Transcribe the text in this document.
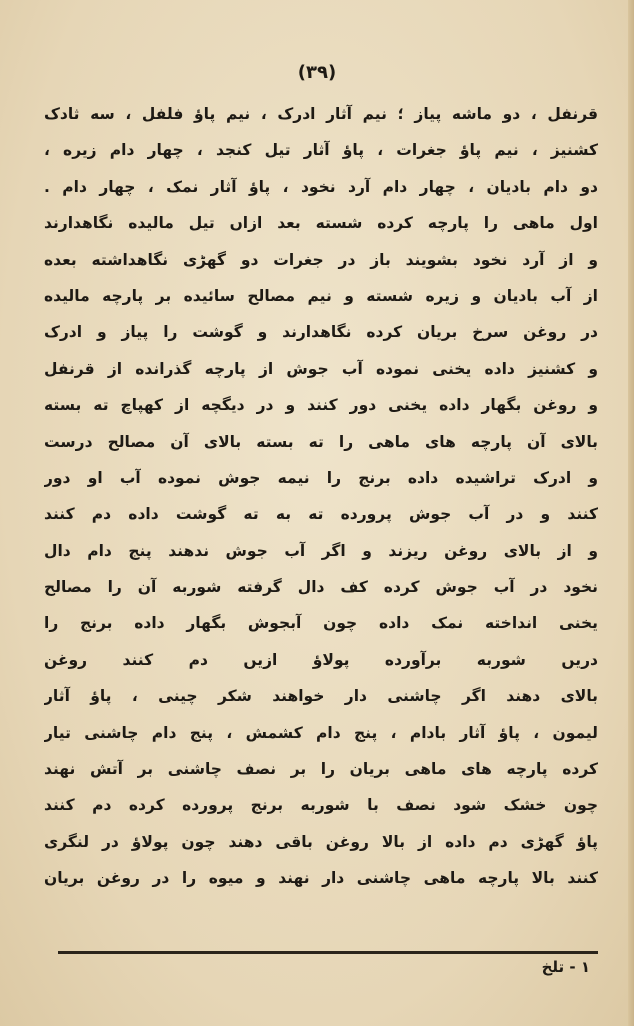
(۳۹)
قرنفل ، دو ماشه پیاز ؛ نیم آثار ادرک ، نیم پاؤ فلفل ، سه ثادک
کشنیز ، نیم پاؤ جغرات ، پاؤ آثار تیل کنجد ، چهار دام زیره ،
دو دام بادیان ، چهار دام آرد نخود ، پاؤ آثار نمک ، چهار دام .
اول ماهی را پارچه کرده شسته بعد ازاں تیل مالیده نگاهدارند
و از آرد نخود بشویند باز در جغرات دو گهڑی نگاهداشته بعده
از آب بادیان و زیره شسته و نیم مصالح سائیده بر پارچه مالیده
در روغن سرخ بریان کرده نگاهدارند و گوشت را پیاز و ادرک
و کشنیز داده یخنی نموده آب جوش از پارچه گذرانده از قرنفل
و روغن بگهار داده یخنی دور کنند و در دیگچه از کهپاچ ته بسته
بالای آن پارچه های ماهی را ته بسته بالای آن مصالح درست
و ادرک تراشیده داده برنج را نیمه جوش نموده آب او دور
کنند و در آب جوش پرورده ته به ته گوشت داده دم کنند
و از بالای روغن ریزند و اگر آب جوش ندهند پنج دام دال
نخود در آب جوش کرده کف دال گرفته شوربه آن را مصالح
یخنی انداخته نمک داده چون آبجوش بگهار داده برنج را
دریں شوربه برآورده پولاؤ ازیں دم کنند روغن
بالای دهند اگر چاشنی دار خواهند شکر چینی ، پاؤ آثار
لیمون ، پاؤ آثار بادام ، پنج دام کشمش ، پنج دام چاشنی تیار
کرده پارچه های ماهی بریان را بر نصف چاشنی بر آتش نهند
چون خشک شود نصف با شوربه برنج پرورده کرده دم کنند
پاؤ گهڑی دم داده از بالا روغن باقی دهند چون پولاؤ در لنگری
کنند بالا پارچه ماهی چاشنی دار نهند و میوه را در روغن بریان
۱ - تلخ
